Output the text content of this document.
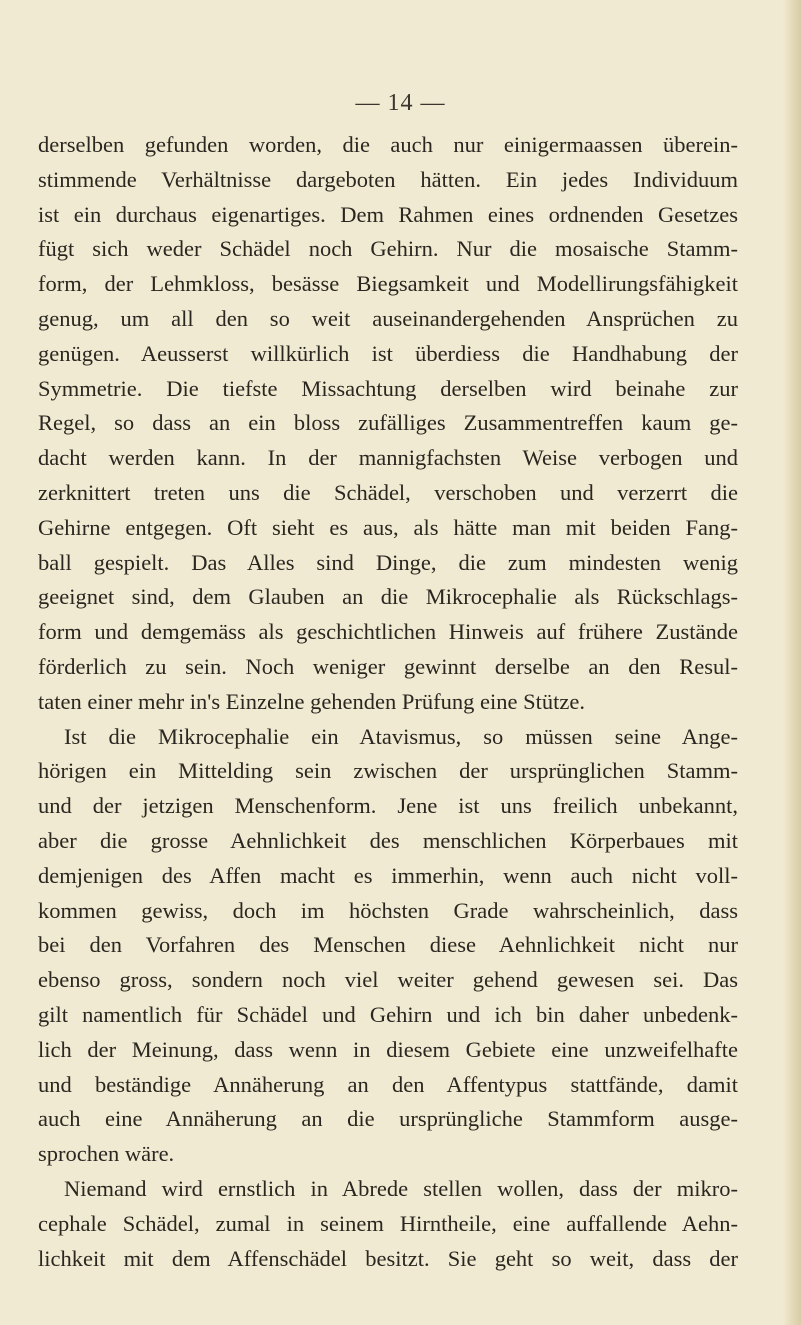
— 14 —
derselben gefunden worden, die auch nur einigermaassen überein-
stimmende Verhältnisse dargeboten hätten. Ein jedes Individuum
ist ein durchaus eigenartiges. Dem Rahmen eines ordnenden Gesetzes
fügt sich weder Schädel noch Gehirn. Nur die mosaische Stamm-
form, der Lehmkloss, besässe Biegsamkeit und Modellirungsfähigkeit
genug, um all den so weit auseinandergehenden Ansprüchen zu
genügen. Aeusserst willkürlich ist überdiess die Handhabung der
Symmetrie. Die tiefste Missachtung derselben wird beinahe zur
Regel, so dass an ein bloss zufälliges Zusammentreffen kaum ge-
dacht werden kann. In der mannigfachsten Weise verbogen und
zerknittert treten uns die Schädel, verschoben und verzerrt die
Gehirne entgegen. Oft sieht es aus, als hätte man mit beiden Fang-
ball gespielt. Das Alles sind Dinge, die zum mindesten wenig
geeignet sind, dem Glauben an die Mikrocephalie als Rückschlags-
form und demgemäss als geschichtlichen Hinweis auf frühere Zustände
förderlich zu sein. Noch weniger gewinnt derselbe an den Resul-
taten einer mehr in's Einzelne gehenden Prüfung eine Stütze.
Ist die Mikrocephalie ein Atavismus, so müssen seine Ange-
hörigen ein Mittelding sein zwischen der ursprünglichen Stamm-
und der jetzigen Menschenform. Jene ist uns freilich unbekannt,
aber die grosse Aehnlichkeit des menschlichen Körperbaues mit
demjenigen des Affen macht es immerhin, wenn auch nicht voll-
kommen gewiss, doch im höchsten Grade wahrscheinlich, dass
bei den Vorfahren des Menschen diese Aehnlichkeit nicht nur
ebenso gross, sondern noch viel weiter gehend gewesen sei. Das
gilt namentlich für Schädel und Gehirn und ich bin daher unbedenk-
lich der Meinung, dass wenn in diesem Gebiete eine unzweifelhafte
und beständige Annäherung an den Affentypus stattfände, damit
auch eine Annäherung an die ursprüngliche Stammform ausge-
sprochen wäre.
Niemand wird ernstlich in Abrede stellen wollen, dass der mikro-
cephale Schädel, zumal in seinem Hirntheile, eine auffallende Aehn-
lichkeit mit dem Affenschädel besitzt. Sie geht so weit, dass der
